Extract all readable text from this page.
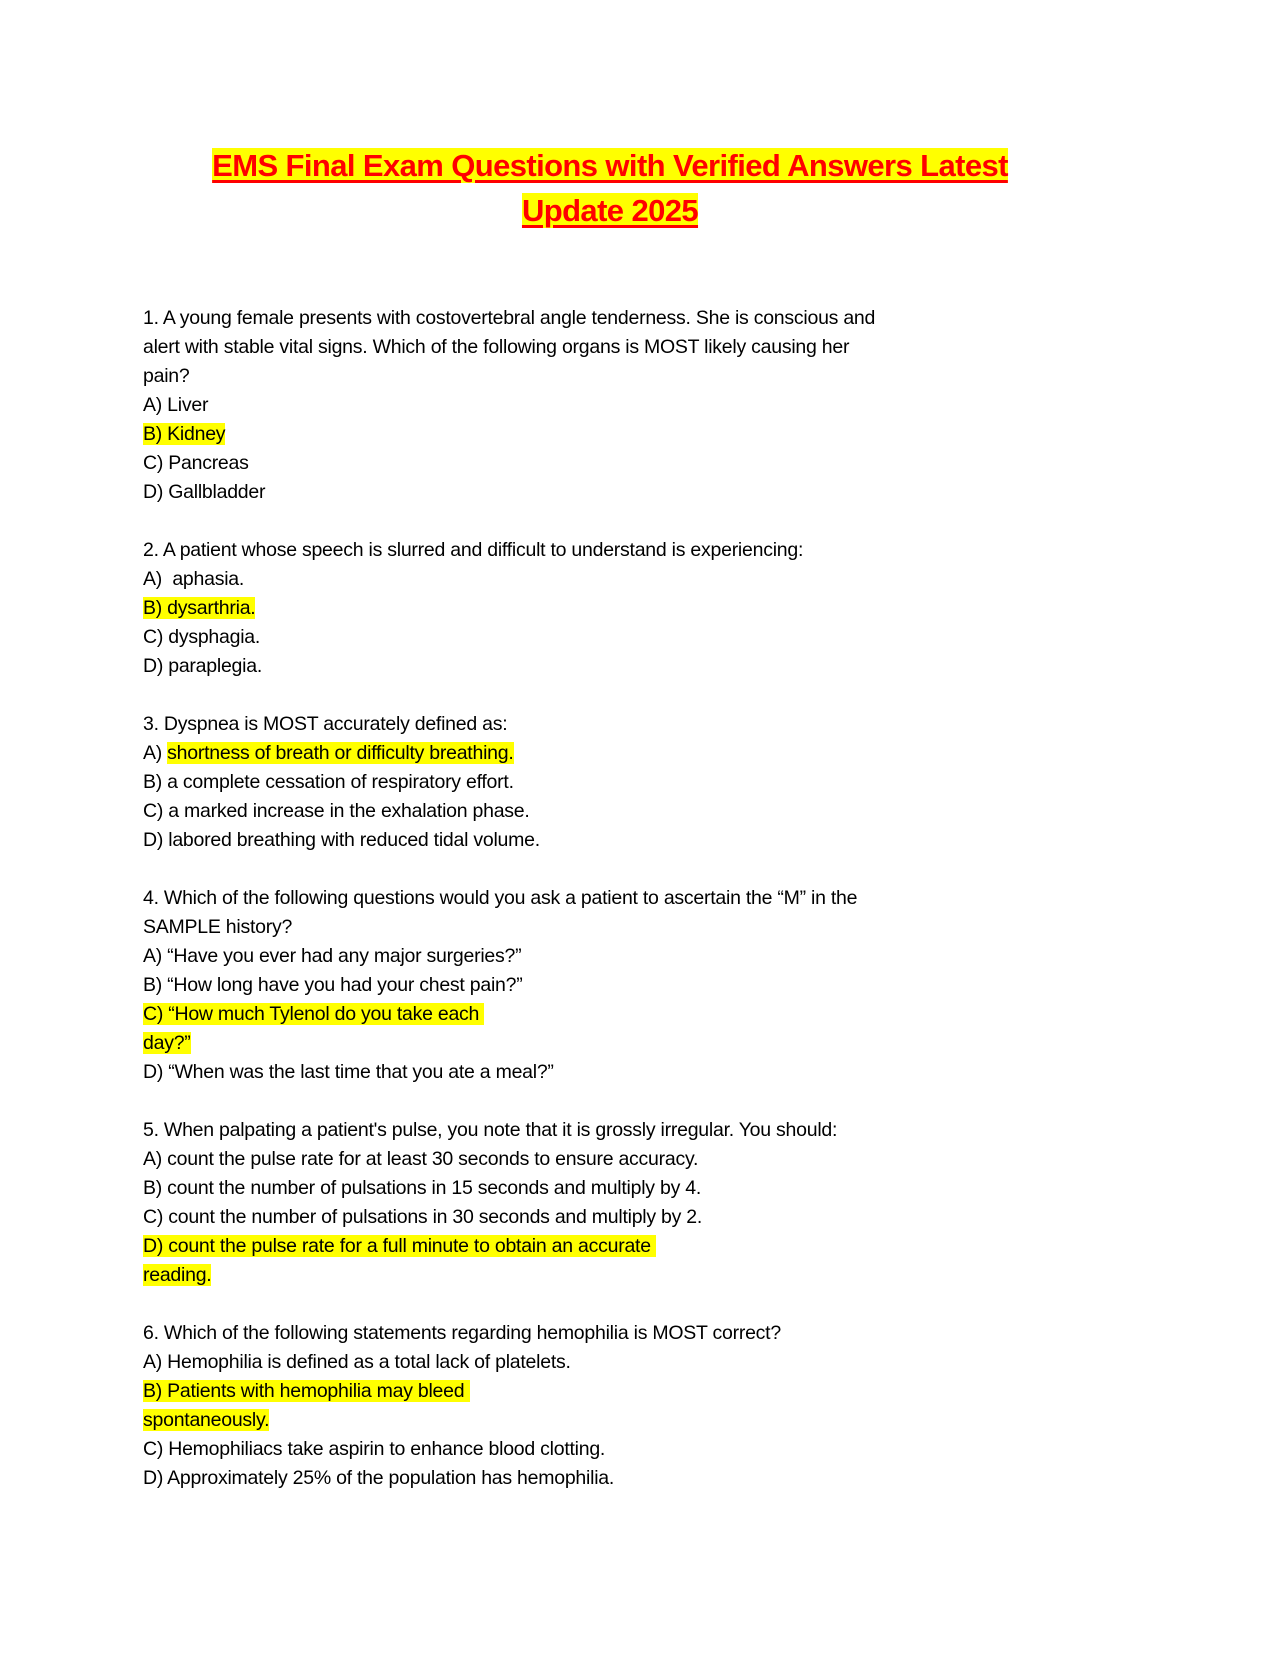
EMS Final Exam Questions with Verified Answers Latest
Update 2025
1. A young female presents with costovertebral angle tenderness. She is conscious and
alert with stable vital signs. Which of the following organs is MOST likely causing her
pain?
A) Liver
B) Kidney
C) Pancreas
D) Gallbladder
2. A patient whose speech is slurred and difficult to understand is experiencing:
A)  aphasia.
B) dysarthria.
C) dysphagia.
D) paraplegia.
3. Dyspnea is MOST accurately defined as:
A) shortness of breath or difficulty breathing.
B) a complete cessation of respiratory effort.
C) a marked increase in the exhalation phase.
D) labored breathing with reduced tidal volume.
4. Which of the following questions would you ask a patient to ascertain the “M” in the
SAMPLE history?
A) “Have you ever had any major surgeries?”
B) “How long have you had your chest pain?”
C) “How much Tylenol do you take each
day?”
D) “When was the last time that you ate a meal?”
5. When palpating a patient's pulse, you note that it is grossly irregular. You should:
A) count the pulse rate for at least 30 seconds to ensure accuracy.
B) count the number of pulsations in 15 seconds and multiply by 4.
C) count the number of pulsations in 30 seconds and multiply by 2.
D) count the pulse rate for a full minute to obtain an accurate
reading.
6. Which of the following statements regarding hemophilia is MOST correct?
A) Hemophilia is defined as a total lack of platelets.
B) Patients with hemophilia may bleed
spontaneously.
C) Hemophiliacs take aspirin to enhance blood clotting.
D) Approximately 25% of the population has hemophilia.
